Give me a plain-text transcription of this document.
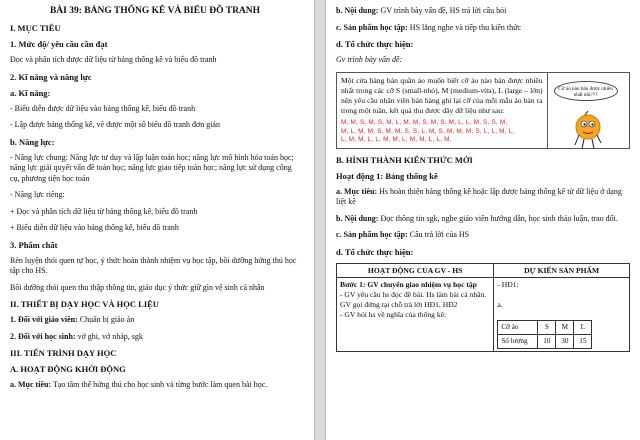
BÀI 39: BẢNG THỐNG KÊ VÀ BIỂU ĐỒ TRANH
I. MỤC TIÊU
1. Mức độ/ yêu cầu cần đạt
Đọc và phân tích được dữ liệu từ bảng thống kê và biểu đồ tranh
2. Kĩ năng và năng lực
a. Kĩ năng:
- Biểu diễn được dữ liệu vào bảng thống kê, biểu đồ tranh
- Lập được bảng thống kê, vẽ được một số biểu đồ tranh đơn giản
b. Năng lực:
- Năng lực chung: Năng lực tư duy và lập luận toán học; năng lực mô hình hóa toán học; năng lực giải quyết vấn đề toán học; năng lực giao tiếp toán học; năng lực sử dụng công cụ, phương tiện học toán
- Năng lực riêng:
+ Đọc và phân tích dữ liệu từ bảng thống kê, biểu đồ tranh
+ Biểu diễn dữ liệu vào bảng thống kê, biểu đồ tranh
3. Phẩm chất
Rèn luyện thói quen tự học, ý thức hoàn thành nhiệm vụ học tập, bồi dưỡng hứng thú học tập cho HS.
Bồi dưỡng thói quen thu thập thông tin, giáo dục ý thức giữ gìn vệ sinh cá nhân
II. THIẾT BỊ DẠY HỌC VÀ HỌC LIỆU
1. Đối với giáo viên: Chuẩn bị giáo án
2. Đối với học sinh: vở ghi, vở nháp, sgk
III. TIẾN TRÌNH DẠY HỌC
A. HOẠT ĐỘNG KHỞI ĐỘNG
a. Mục tiêu: Tạo tâm thế hứng thú cho học sinh và từng bước làm quen bài học.
b. Nội dung: GV trình bày vấn đề, HS trả lời câu hỏi
c. Sản phẩm học tập: HS lắng nghe và tiếp thu kiến thức
d. Tổ chức thực hiện:
Gv trình bày vấn đề:
Một cửa hàng bán quần áo muốn biết cỡ áo nào bán được nhiều nhất trong các cỡ S (small-nhỏ), M (medium-vừa), L (large – lớn) nên yêu cầu nhân viên bán hàng ghi lại cỡ của mỗi mẫu áo bán ra trong một tuần, kết quả thu được dãy dữ liệu như sau:
M, M, S, M, S, M, L, M, M, S, M, S, M, L, L, M, S, S, M,
M, L, M, M, S, M, M, S, S, L, M, S, M, M, M, S, L, L, M, L,
L, M, M, L, L, M, M, L, M, M, L, L, M.
Cỡ áo nào bán được nhiều nhất nhỉ???
B. HÌNH THÀNH KIẾN THỨC MỚI
Hoạt động 1: Bảng thống kê
a. Mục tiêu: Hs hoàn thiện bảng thống kê hoặc lập được bảng thống kê từ dữ liệu ở dạng liệt kê
b. Nội dung: Đọc thông tin sgk, nghe giáo viên hướng dẫn, học sinh thảo luận, trao đổi.
c. Sản phẩm học tập: Câu trả lời của HS
d. Tổ chức thực hiện:
HOẠT ĐỘNG CỦA GV - HS	DỰ KIẾN SẢN PHẨM

Bước 1: GV chuyển giao nhiệm vụ học tập
- GV yêu cầu hs đọc đề bài. Hs làm bài cá nhân. GV gọi đứng tại chỗ trả lời HĐ1, HĐ2
- GV hỏi hs về nghĩa của thống kê:

- HĐ1:
a.
Cỡ áo	S	M	L
Số lượng	10	30	15
